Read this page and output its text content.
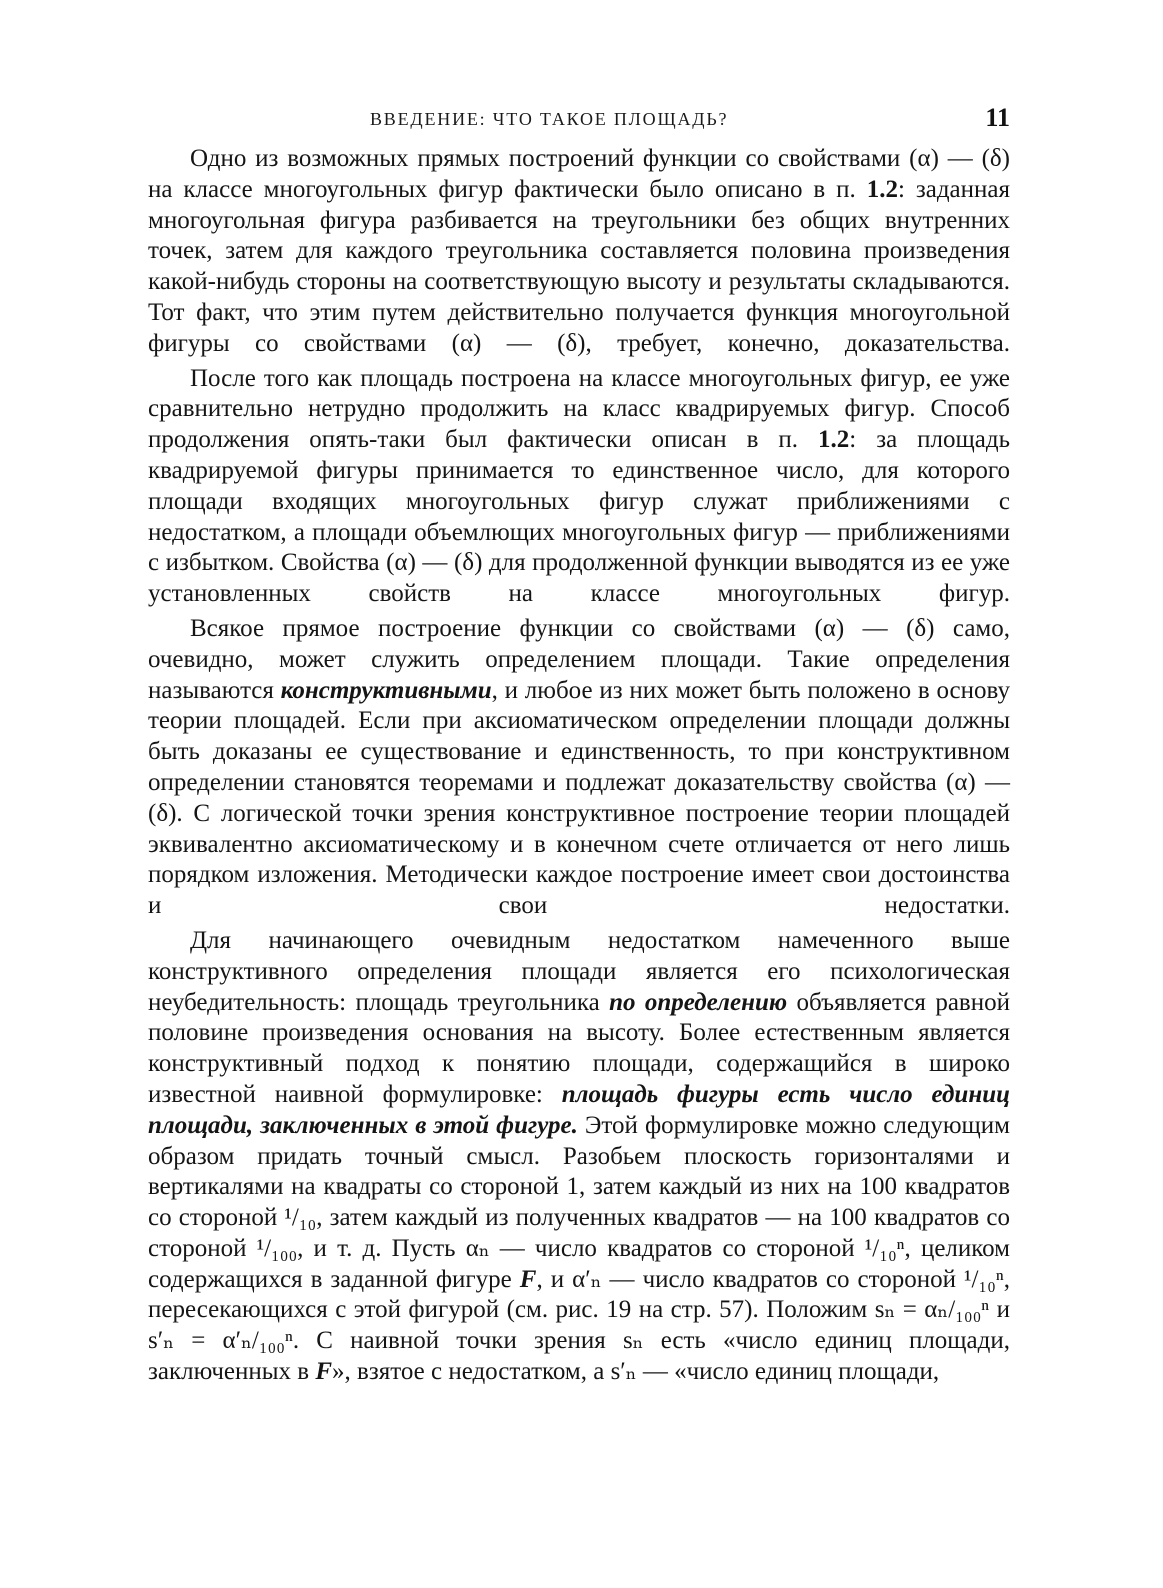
ВВЕДЕНИЕ: ЧТО ТАКОЕ ПЛОЩАДЬ?	11

Одно из возможных прямых построений функции со свойствами (α) — (δ) на классе многоугольных фигур фактически было описано в п. 1.2: заданная многоугольная фигура разбивается на треугольники без общих внутренних точек, затем для каждого треугольника составляется половина произведения какой-нибудь стороны на соответствующую высоту и результаты складываются. Тот факт, что этим путем действительно получается функция многоугольной фигуры со свойствами (α) — (δ), требует, конечно, доказательства.

После того как площадь построена на классе многоугольных фигур, ее уже сравнительно нетрудно продолжить на класс квадрируемых фигур. Способ продолжения опять-таки был фактически описан в п. 1.2: за площадь квадрируемой фигуры принимается то единственное число, для которого площади входящих многоугольных фигур служат приближениями с недостатком, а площади объемлющих многоугольных фигур — приближениями с избытком. Свойства (α) — (δ) для продолженной функции выводятся из ее уже установленных свойств на классе многоугольных фигур.

Всякое прямое построение функции со свойствами (α) — (δ) само, очевидно, может служить определением площади. Такие определения называются конструктивными, и любое из них может быть положено в основу теории площадей. Если при аксиоматическом определении площади должны быть доказаны ее существование и единственность, то при конструктивном определении становятся теоремами и подлежат доказательству свойства (α) — (δ). С логической точки зрения конструктивное построение теории площадей эквивалентно аксиоматическому и в конечном счете отличается от него лишь порядком изложения. Методически каждое построение имеет свои достоинства и свои недостатки.

Для начинающего очевидным недостатком намеченного выше конструктивного определения площади является его психологическая неубедительность: площадь треугольника по определению объявляется равной половине произведения основания на высоту. Более естественным является конструктивный подход к понятию площади, содержащийся в широко известной наивной формулировке: площадь фигуры есть число единиц площади, заключенных в этой фигуре. Этой формулировке можно следующим образом придать точный смысл. Разобьем плоскость горизонталями и вертикалями на квадраты со стороной 1, затем каждый из них на 100 квадратов со стороной ¹/₁₀, затем каждый из полученных квадратов — на 100 квадратов со стороной ¹/₁₀₀, и т. д. Пусть αₙ — число квадратов со стороной ¹/₁₀ⁿ, целиком содержащихся в заданной фигуре F, и α′ₙ — число квадратов со стороной ¹/₁₀ⁿ, пересекающихся с этой фигурой (см. рис. 19 на стр. 57). Положим sₙ = αₙ/₁₀₀ⁿ и s′ₙ = α′ₙ/₁₀₀ⁿ. С наивной точки зрения sₙ есть «число единиц площади, заключенных в F», взятое с недостатком, а s′ₙ — «число единиц площади,
